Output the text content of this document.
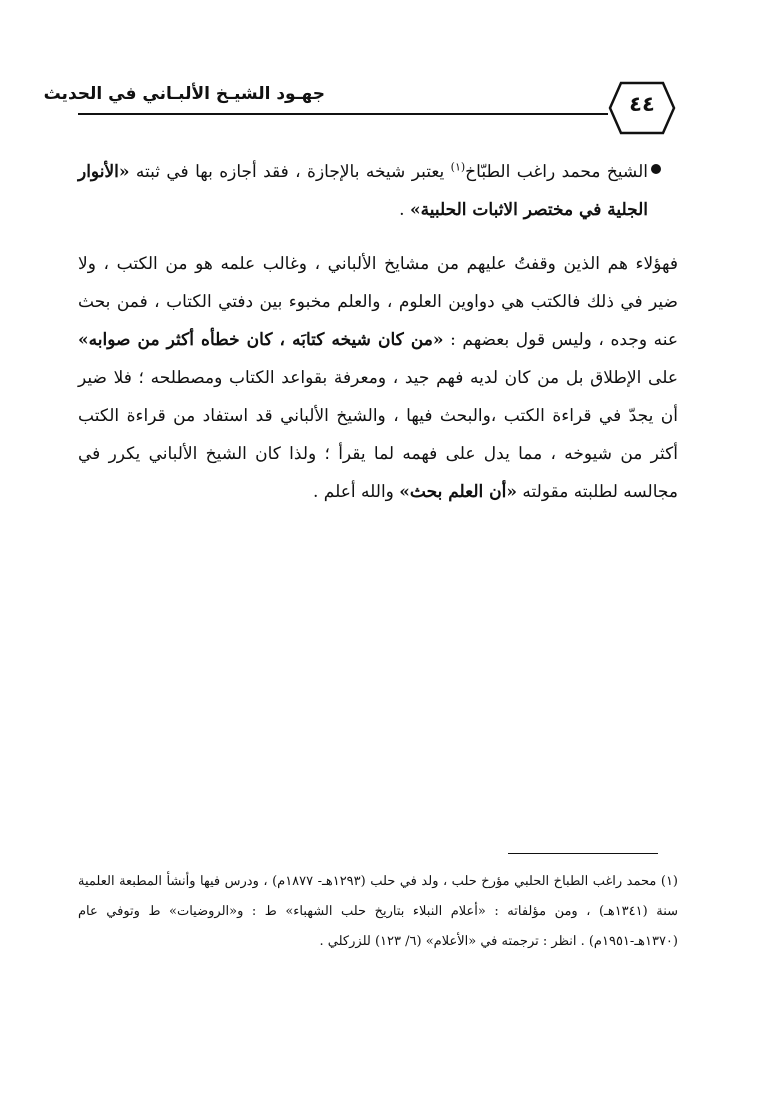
جهـود الشيـخ الألبـاني في الحديث	٤٤
الشيخ محمد راغب الطبّاخ$^{(١)}$ يعتبر شيخه بالإجازة ، فقد أجازه بها في ثبته «الأنوار الجلية في مختصر الاثبات الحلبية» .
فهؤلاء هم الذين وقفتُ عليهم من مشايخ الألباني ، وغالب علمه هو من الكتب ، ولا ضير في ذلك فالكتب هي دواوين العلوم ، والعلم مخبوء بين دفتي الكتاب ، فمن بحث عنه وجده ، وليس قول بعضهم : «من كان شيخه كتابَه ، كان خطأه أكثر من صوابه» على الإطلاق بل من كان لديه فهم جيد ، ومعرفة بقواعد الكتاب ومصطلحه ؛ فلا ضير أن يجدّ في قراءة الكتب ،والبحث فيها ، والشيخ الألباني قد استفاد من قراءة الكتب أكثر من شيوخه ، مما يدل على فهمه لما يقرأ ؛ ولذا كان الشيخ الألباني يكرر في مجالسه لطلبته مقولته «أن العلم بحث» والله أعلم .
(١) محمد راغب الطباخ الحلبي مؤرخ حلب ، ولد في حلب (١٢٩٣هـ- ١٨٧٧م) ، ودرس فيها وأنشأ المطبعة العلمية سنة (١٣٤١هـ) ، ومن مؤلفاته : «أعلام النبلاء بتاريخ حلب الشهباء» ط : و«الروضيات» ط وتوفي عام (١٣٧٠هـ-١٩٥١م) . انظر : ترجمته في «الأعلام» (٦/ ١٢٣) للزركلي .
